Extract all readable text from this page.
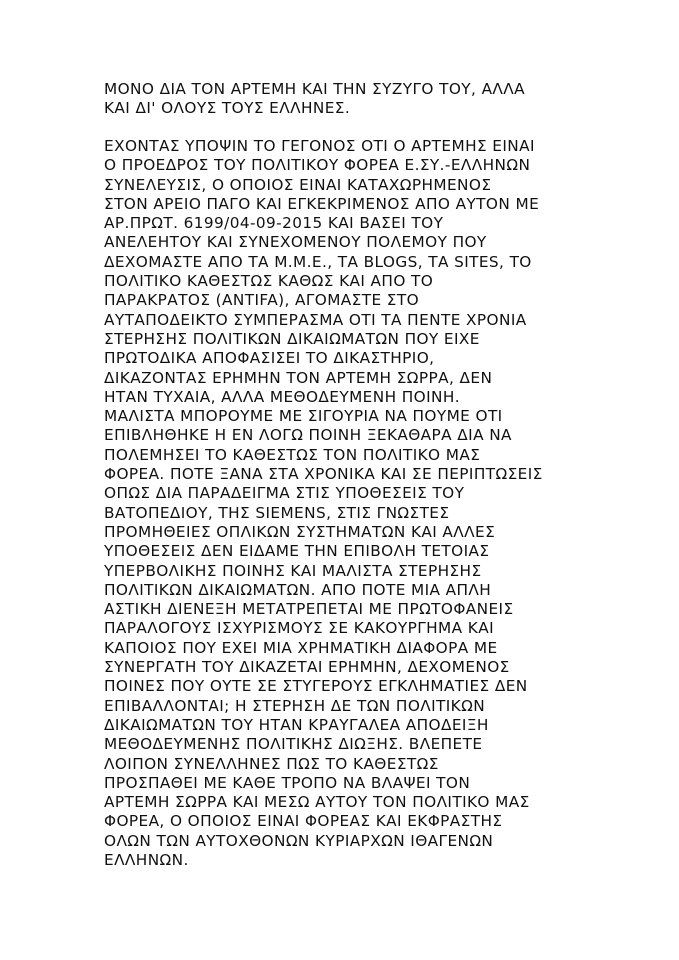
ΜΟΝΟ ΔΙΑ ΤΟΝ ΑΡΤΕΜΗ ΚΑΙ ΤΗΝ ΣΥΖΥΓΟ ΤΟΥ, ΑΛΛΑ
ΚΑΙ ΔΙ' ΟΛΟΥΣ ΤΟΥΣ ΕΛΛΗΝΕΣ.
ΕΧΟΝΤΑΣ ΥΠΟΨΙΝ ΤΟ ΓΕΓΟΝΟΣ ΟΤΙ Ο ΑΡΤΕΜΗΣ ΕΙΝΑΙ
Ο ΠΡΟΕΔΡΟΣ ΤΟΥ ΠΟΛΙΤΙΚΟΥ ΦΟΡΕΑ Ε.ΣΥ.-ΕΛΛΗΝΩΝ
ΣΥΝΕΛΕΥΣΙΣ, Ο ΟΠΟΙΟΣ ΕΙΝΑΙ ΚΑΤΑΧΩΡΗΜΕΝΟΣ
ΣΤΟΝ ΑΡΕΙΟ ΠΑΓΟ ΚΑΙ ΕΓΚΕΚΡΙΜΕΝΟΣ ΑΠΟ ΑΥΤΟΝ ΜΕ
ΑΡ.ΠΡΩΤ. 6199/04-09-2015 ΚΑΙ ΒΑΣΕΙ ΤΟΥ
ΑΝΕΛΕΗΤΟΥ ΚΑΙ ΣΥΝΕΧΟΜΕΝΟΥ ΠΟΛΕΜΟΥ ΠΟΥ
ΔΕΧΟΜΑΣΤΕ ΑΠΟ ΤΑ Μ.Μ.Ε., ΤΑ BLOGS, ΤΑ SITES, ΤΟ
ΠΟΛΙΤΙΚΟ ΚΑΘΕΣΤΩΣ ΚΑΘΩΣ ΚΑΙ ΑΠΟ ΤΟ
ΠΑΡΑΚΡΑΤΟΣ (ANTIFA), ΑΓΟΜΑΣΤΕ ΣΤΟ
ΑΥΤΑΠΟΔΕΙΚΤΟ ΣΥΜΠΕΡΑΣΜΑ ΟΤΙ ΤΑ ΠΕΝΤΕ ΧΡΟΝΙΑ
ΣΤΕΡΗΣΗΣ ΠΟΛΙΤΙΚΩΝ ΔΙΚΑΙΩΜΑΤΩΝ ΠΟΥ ΕΙΧΕ
ΠΡΩΤΟΔΙΚΑ ΑΠΟΦΑΣΙΣΕΙ ΤΟ ΔΙΚΑΣΤΗΡΙΟ,
ΔΙΚΑΖΟΝΤΑΣ ΕΡΗΜΗΝ ΤΟΝ ΑΡΤΕΜΗ ΣΩΡΡΑ, ΔΕΝ
ΗΤΑΝ ΤΥΧΑΙΑ, ΑΛΛΑ ΜΕΘΟΔΕΥΜΕΝΗ ΠΟΙΝΗ.
ΜΑΛΙΣΤΑ ΜΠΟΡΟΥΜΕ ΜΕ ΣΙΓΟΥΡΙΑ ΝΑ ΠΟΥΜΕ ΟΤΙ
ΕΠΙΒΛΗΘΗΚΕ Η ΕΝ ΛΟΓΩ ΠΟΙΝΗ ΞΕΚΑΘΑΡΑ ΔΙΑ ΝΑ
ΠΟΛΕΜΗΣΕΙ ΤΟ ΚΑΘΕΣΤΩΣ ΤΟΝ ΠΟΛΙΤΙΚΟ ΜΑΣ
ΦΟΡΕΑ. ΠΟΤΕ ΞΑΝΑ ΣΤΑ ΧΡΟΝΙΚΑ ΚΑΙ ΣΕ ΠΕΡΙΠΤΩΣΕΙΣ
ΟΠΩΣ ΔΙΑ ΠΑΡΑΔΕΙΓΜΑ ΣΤΙΣ ΥΠΟΘΕΣΕΙΣ ΤΟΥ
ΒΑΤΟΠΕΔΙΟΥ, ΤΗΣ SIEMENS, ΣΤΙΣ ΓΝΩΣΤΕΣ
ΠΡΟΜΗΘΕΙΕΣ ΟΠΛΙΚΩΝ ΣΥΣΤΗΜΑΤΩΝ ΚΑΙ ΑΛΛΕΣ
ΥΠΟΘΕΣΕΙΣ ΔΕΝ ΕΙΔΑΜΕ ΤΗΝ ΕΠΙΒΟΛΗ ΤΕΤΟΙΑΣ
ΥΠΕΡΒΟΛΙΚΗΣ ΠΟΙΝΗΣ ΚΑΙ ΜΑΛΙΣΤΑ ΣΤΕΡΗΣΗΣ
ΠΟΛΙΤΙΚΩΝ ΔΙΚΑΙΩΜΑΤΩΝ. ΑΠΟ ΠΟΤΕ ΜΙΑ ΑΠΛΗ
ΑΣΤΙΚΗ ΔΙΕΝΕΞΗ ΜΕΤΑΤΡΕΠΕΤΑΙ ΜΕ ΠΡΩΤΟΦΑΝΕΙΣ
ΠΑΡΑΛΟΓΟΥΣ ΙΣΧΥΡΙΣΜΟΥΣ ΣΕ ΚΑΚΟΥΡΓΗΜΑ ΚΑΙ
ΚΑΠΟΙΟΣ ΠΟΥ ΕΧΕΙ ΜΙΑ ΧΡΗΜΑΤΙΚΗ ΔΙΑΦΟΡΑ ΜΕ
ΣΥΝΕΡΓΑΤΗ ΤΟΥ ΔΙΚΑΖΕΤΑΙ ΕΡΗΜΗΝ, ΔΕΧΟΜΕΝΟΣ
ΠΟΙΝΕΣ ΠΟΥ ΟΥΤΕ ΣΕ ΣΤΥΓΕΡΟΥΣ ΕΓΚΛΗΜΑΤΙΕΣ ΔΕΝ
ΕΠΙΒΑΛΛΟΝΤΑΙ; Η ΣΤΕΡΗΣΗ ΔΕ ΤΩΝ ΠΟΛΙΤΙΚΩΝ
ΔΙΚΑΙΩΜΑΤΩΝ ΤΟΥ ΗΤΑΝ ΚΡΑΥΓΑΛΕΑ ΑΠΟΔΕΙΞΗ
ΜΕΘΟΔΕΥΜΕΝΗΣ ΠΟΛΙΤΙΚΗΣ ΔΙΩΞΗΣ. ΒΛΕΠΕΤΕ
ΛΟΙΠΟΝ ΣΥΝΕΛΛΗΝΕΣ ΠΩΣ ΤΟ ΚΑΘΕΣΤΩΣ
ΠΡΟΣΠΑΘΕΙ ΜΕ ΚΑΘΕ ΤΡΟΠΟ ΝΑ ΒΛΑΨΕΙ ΤΟΝ
ΑΡΤΕΜΗ ΣΩΡΡΑ ΚΑΙ ΜΕΣΩ ΑΥΤΟΥ ΤΟΝ ΠΟΛΙΤΙΚΟ ΜΑΣ
ΦΟΡΕΑ, Ο ΟΠΟΙΟΣ ΕΙΝΑΙ ΦΟΡΕΑΣ ΚΑΙ ΕΚΦΡΑΣΤΗΣ
ΟΛΩΝ ΤΩΝ ΑΥΤΟΧΘΟΝΩΝ ΚΥΡΙΑΡΧΩΝ ΙΘΑΓΕΝΩΝ
ΕΛΛΗΝΩΝ.
